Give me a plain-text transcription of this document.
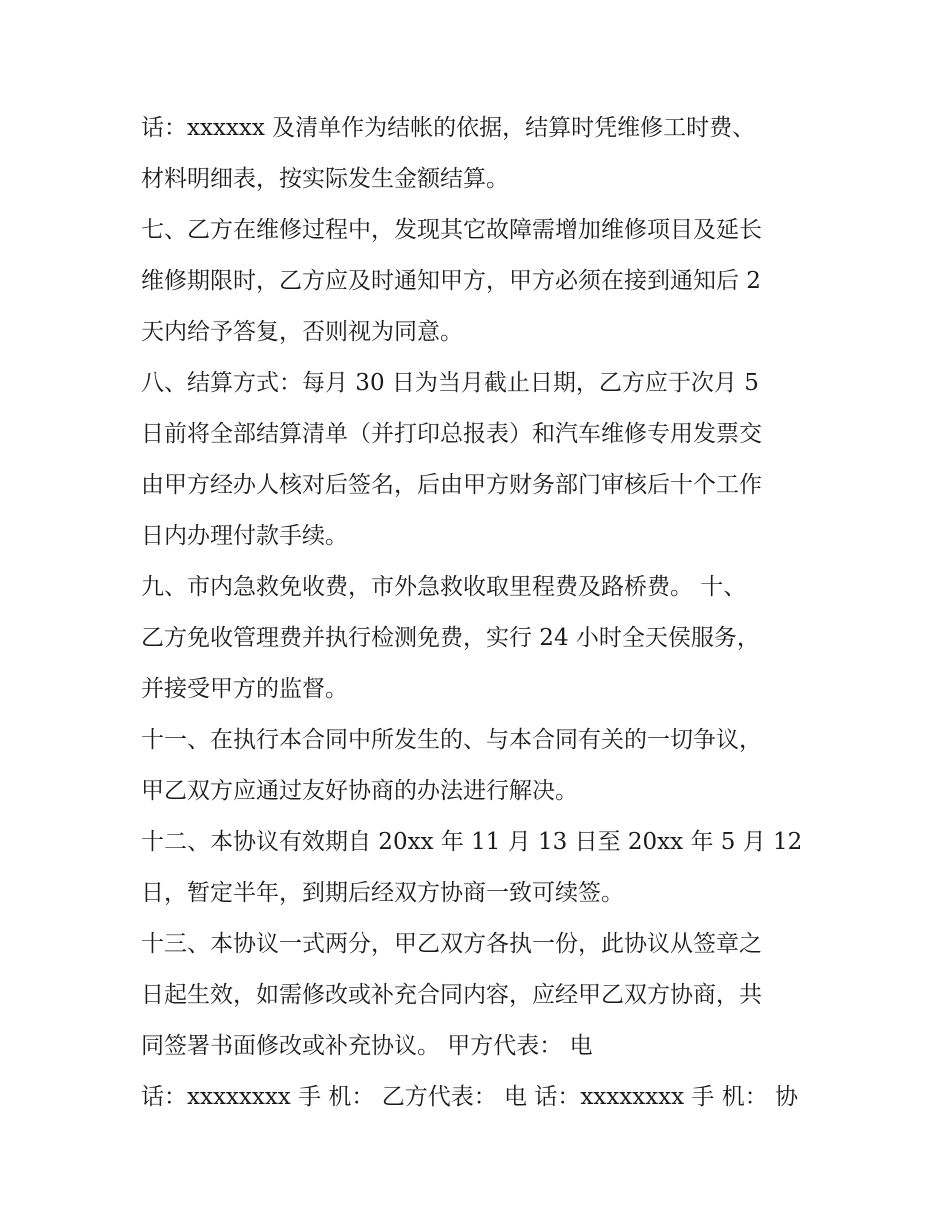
话：xxxxxx 及清单作为结帐的依据，结算时凭维修工时费、
材料明细表，按实际发生金额结算。
七、乙方在维修过程中，发现其它故障需增加维修项目及延长
维修期限时，乙方应及时通知甲方，甲方必须在接到通知后 2
天内给予答复，否则视为同意。
八、结算方式：每月 30 日为当月截止日期，乙方应于次月 5
日前将全部结算清单（并打印总报表）和汽车维修专用发票交
由甲方经办人核对后签名，后由甲方财务部门审核后十个工作
日内办理付款手续。
九、市内急救免收费，市外急救收取里程费及路桥费。 十、
乙方免收管理费并执行检测免费，实行 24 小时全天侯服务，
并接受甲方的监督。
十一、在执行本合同中所发生的、与本合同有关的一切争议，
甲乙双方应通过友好协商的办法进行解决。
十二、本协议有效期自 20xx 年 11 月 13 日至 20xx 年 5 月 12
日，暂定半年，到期后经双方协商一致可续签。
十三、本协议一式两分，甲乙双方各执一份，此协议从签章之
日起生效，如需修改或补充合同内容，应经甲乙双方协商，共
同签署书面修改或补充协议。 甲方代表： 电
话：xxxxxxxx 手 机： 乙方代表： 电 话：xxxxxxxx 手 机： 协
